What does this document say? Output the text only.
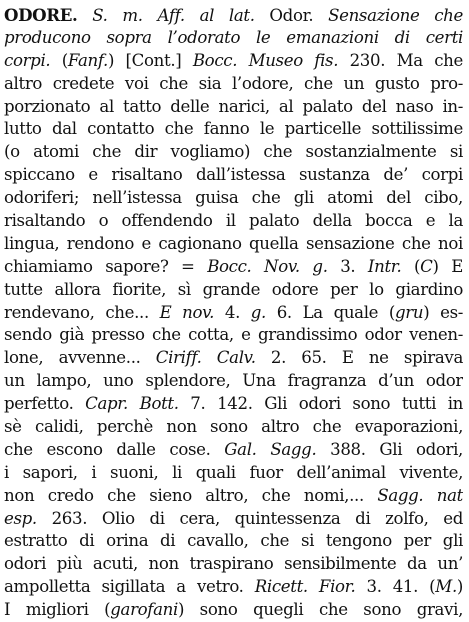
ODORE. S. m. Aff. al lat. Odor. Sensazione che
producono sopra l’odorato le emanazioni di certi
corpi. (Fanf.) [Cont.] Bocc. Museo fis. 230. Ma che
altro credete voi che sia l’odore, che un gusto pro-
porzionato al tatto delle narici, al palato del naso in-
lutto dal contatto che fanno le particelle sottilissime
(o atomi che dir vogliamo) che sostanzialmente si
spiccano e risaltano dall’istessa sustanza de’ corpi
odoriferi; nell’istessa guisa che gli atomi del cibo,
risaltando o offendendo il palato della bocca e la
lingua, rendono e cagionano quella sensazione che noi
chiamiamo sapore? = Bocc. Nov. g. 3. Intr. (C) E
tutte allora fiorite, sì grande odore per lo giardino
rendevano, che... E nov. 4. g. 6. La quale (gru) es-
sendo già presso che cotta, e grandissimo odor venen-
lone, avvenne... Ciriff. Calv. 2. 65. E ne spirava
un lampo, uno splendore, Una fragranza d’un odor
perfetto. Capr. Bott. 7. 142. Gli odori sono tutti in
sè calidi, perchè non sono altro che evaporazioni,
che escono dalle cose. Gal. Sagg. 388. Gli odori,
i sapori, i suoni, li quali fuor dell’animal vivente,
non credo che sieno altro, che nomi,... Sagg. nat
esp. 263. Olio di cera, quintessenza di zolfo, ed
estratto di orina di cavallo, che si tengono per gli
odori più acuti, non traspirano sensibilmente da un’
ampolletta sigillata a vetro. Ricett. Fior. 3. 41. (M.)
I migliori (garofani) sono quegli che sono gravi,
